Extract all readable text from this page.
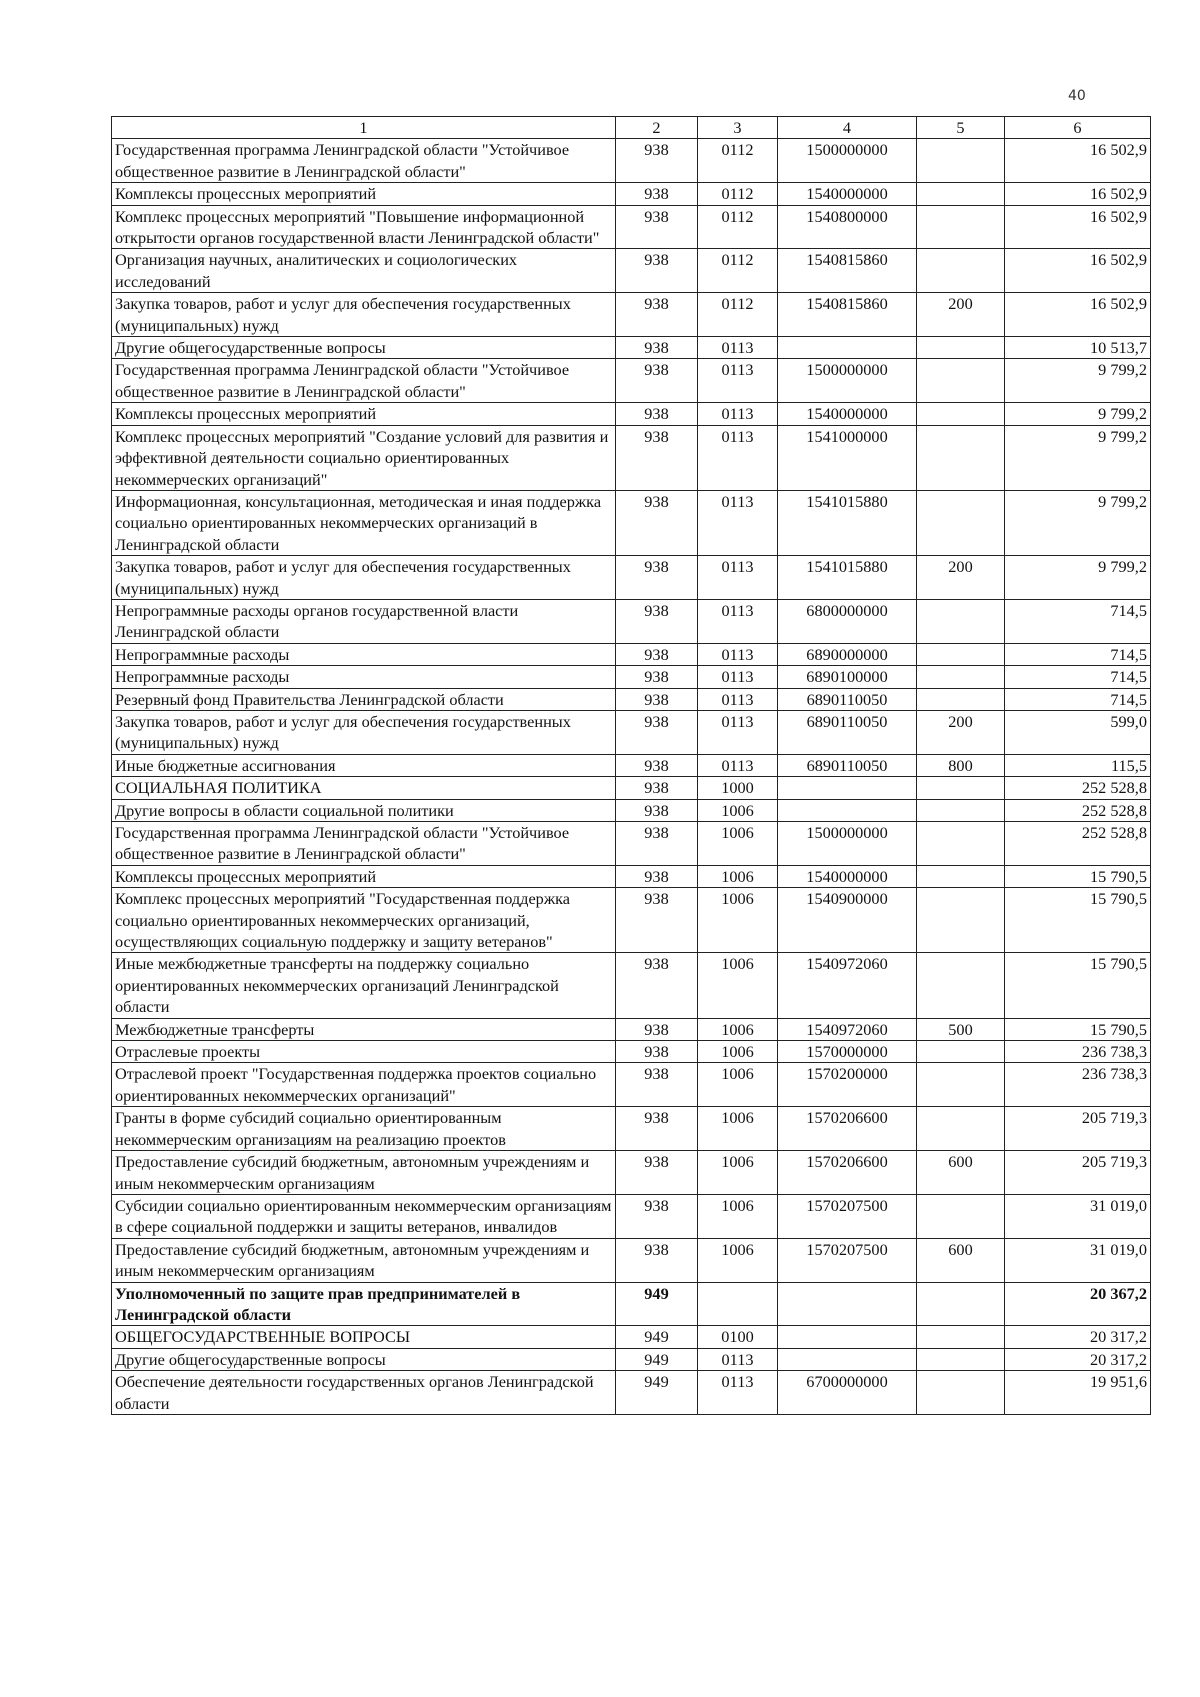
40
1	2	3	4	5	6
Государственная программа Ленинградской области "Устойчивое общественное развитие в Ленинградской области"	938	0112	1500000000		16 502,9
Комплексы процессных мероприятий	938	0112	1540000000		16 502,9
Комплекс процессных мероприятий "Повышение информационной открытости органов государственной власти Ленинградской области"	938	0112	1540800000		16 502,9
Организация научных, аналитических и социологических исследований	938	0112	1540815860		16 502,9
Закупка товаров, работ и услуг для обеспечения государственных (муниципальных) нужд	938	0112	1540815860	200	16 502,9
Другие общегосударственные вопросы	938	0113			10 513,7
Государственная программа Ленинградской области "Устойчивое общественное развитие в Ленинградской области"	938	0113	1500000000		9 799,2
Комплексы процессных мероприятий	938	0113	1540000000		9 799,2
Комплекс процессных мероприятий "Создание условий для развития и эффективной деятельности социально ориентированных некоммерческих организаций"	938	0113	1541000000		9 799,2
Информационная, консультационная, методическая и иная поддержка социально ориентированных некоммерческих организаций в Ленинградской области	938	0113	1541015880		9 799,2
Закупка товаров, работ и услуг для обеспечения государственных (муниципальных) нужд	938	0113	1541015880	200	9 799,2
Непрограммные расходы органов государственной власти Ленинградской области	938	0113	6800000000		714,5
Непрограммные расходы	938	0113	6890000000		714,5
Непрограммные расходы	938	0113	6890100000		714,5
Резервный фонд Правительства Ленинградской области	938	0113	6890110050		714,5
Закупка товаров, работ и услуг для обеспечения государственных (муниципальных) нужд	938	0113	6890110050	200	599,0
Иные бюджетные ассигнования	938	0113	6890110050	800	115,5
СОЦИАЛЬНАЯ ПОЛИТИКА	938	1000			252 528,8
Другие вопросы в области социальной политики	938	1006			252 528,8
Государственная программа Ленинградской области "Устойчивое общественное развитие в Ленинградской области"	938	1006	1500000000		252 528,8
Комплексы процессных мероприятий	938	1006	1540000000		15 790,5
Комплекс процессных мероприятий "Государственная поддержка социально ориентированных некоммерческих организаций, осуществляющих социальную поддержку и защиту ветеранов"	938	1006	1540900000		15 790,5
Иные межбюджетные трансферты на поддержку социально ориентированных некоммерческих организаций Ленинградской области	938	1006	1540972060		15 790,5
Межбюджетные трансферты	938	1006	1540972060	500	15 790,5
Отраслевые проекты	938	1006	1570000000		236 738,3
Отраслевой проект "Государственная поддержка проектов социально ориентированных некоммерческих организаций"	938	1006	1570200000		236 738,3
Гранты в форме субсидий социально ориентированным некоммерческим организациям на реализацию проектов	938	1006	1570206600		205 719,3
Предоставление субсидий бюджетным, автономным учреждениям и иным некоммерческим организациям	938	1006	1570206600	600	205 719,3
Субсидии социально ориентированным некоммерческим организациям в сфере социальной поддержки и защиты ветеранов, инвалидов	938	1006	1570207500		31 019,0
Предоставление субсидий бюджетным, автономным учреждениям и иным некоммерческим организациям	938	1006	1570207500	600	31 019,0
Уполномоченный по защите прав предпринимателей в Ленинградской области	949				20 367,2
ОБЩЕГОСУДАРСТВЕННЫЕ ВОПРОСЫ	949	0100			20 317,2
Другие общегосударственные вопросы	949	0113			20 317,2
Обеспечение деятельности государственных органов Ленинградской области	949	0113	6700000000		19 951,6
